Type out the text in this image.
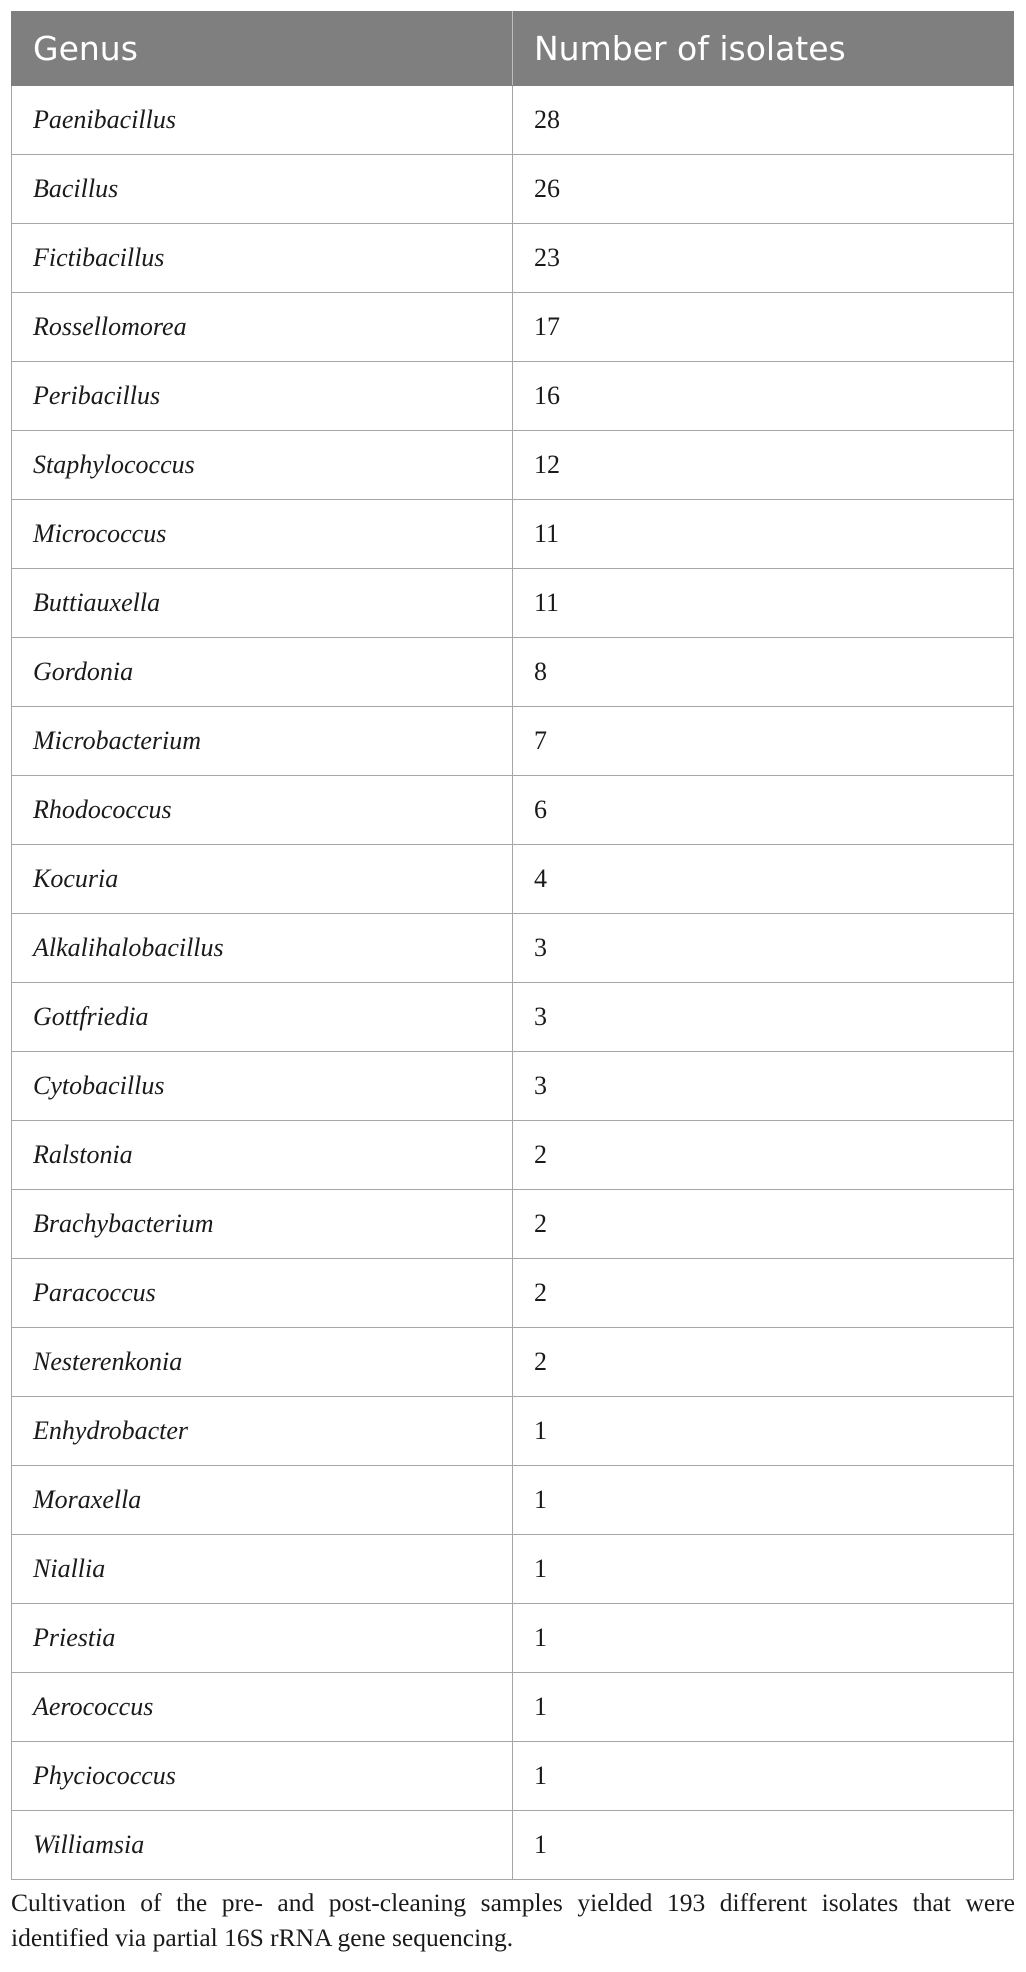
Genus	Number of isolates
Paenibacillus	28
Bacillus	26
Fictibacillus	23
Rossellomorea	17
Peribacillus	16
Staphylococcus	12
Micrococcus	11
Buttiauxella	11
Gordonia	8
Microbacterium	7
Rhodococcus	6
Kocuria	4
Alkalihalobacillus	3
Gottfriedia	3
Cytobacillus	3
Ralstonia	2
Brachybacterium	2
Paracoccus	2
Nesterenkonia	2
Enhydrobacter	1
Moraxella	1
Niallia	1
Priestia	1
Aerococcus	1
Phyciococcus	1
Williamsia	1

Cultivation of the pre- and post-cleaning samples yielded 193 different isolates that were identified via partial 16S rRNA gene sequencing.
